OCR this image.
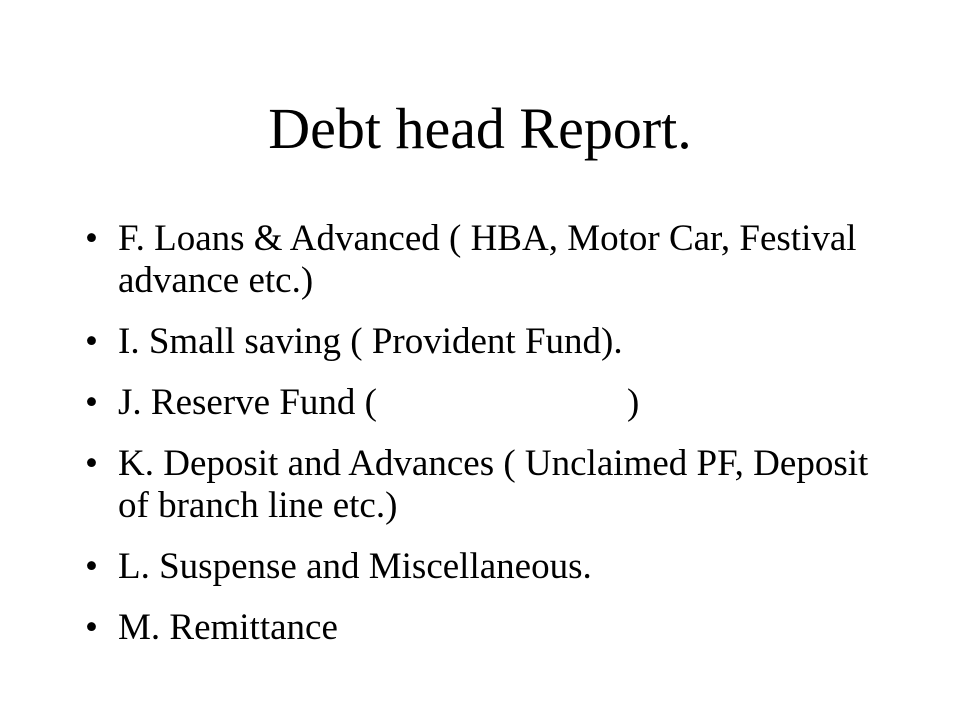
Debt head Report.
• F. Loans & Advanced ( HBA, Motor Car, Festival advance etc.)
• I. Small saving ( Provident Fund).
• J. Reserve Fund (	)
• K. Deposit and Advances ( Unclaimed PF, Deposit of branch line etc.)
• L. Suspense and Miscellaneous.
• M. Remittance
